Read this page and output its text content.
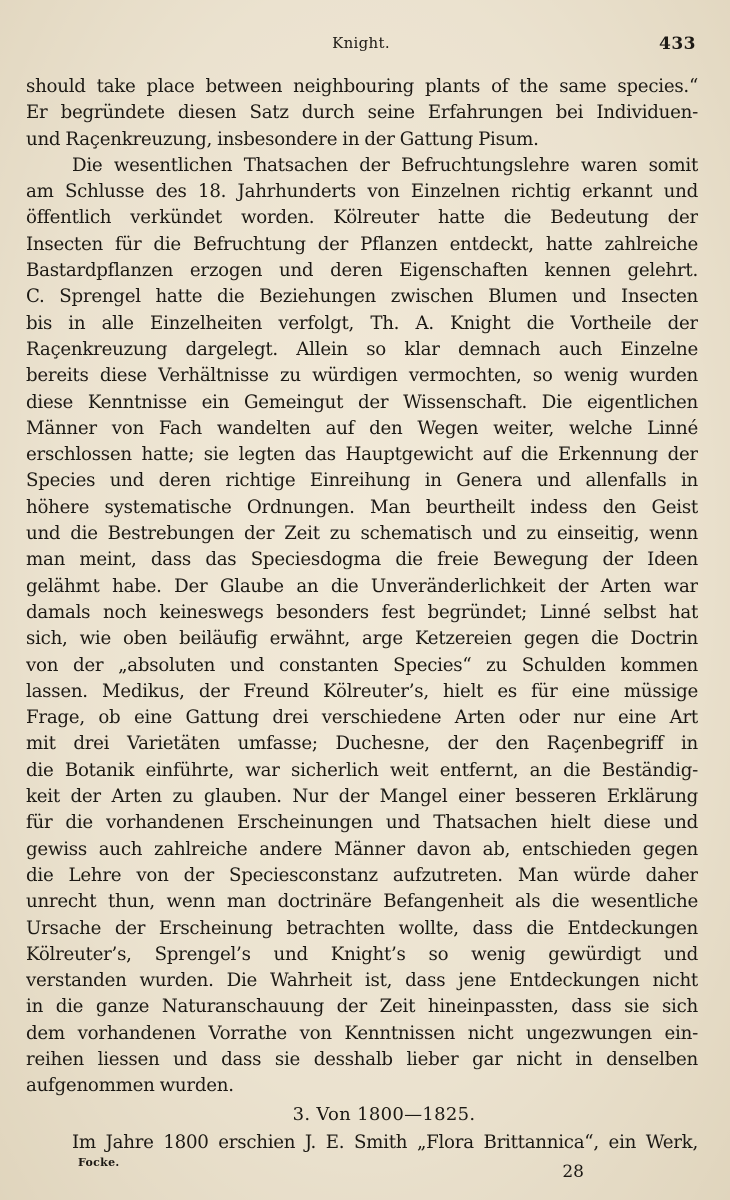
Knight.	433
should take place between neighbouring plants of the same species.“
Er begründete diesen Satz durch seine Erfahrungen bei Individuen-
und Raçenkreuzung, insbesondere in der Gattung Pisum.
Die wesentlichen Thatsachen der Befruchtungslehre waren somit
am Schlusse des 18. Jahrhunderts von Einzelnen richtig erkannt und
öffentlich verkündet worden. Kölreuter hatte die Bedeutung der
Insecten für die Befruchtung der Pflanzen entdeckt, hatte zahlreiche
Bastardpflanzen erzogen und deren Eigenschaften kennen gelehrt.
C. Sprengel hatte die Beziehungen zwischen Blumen und Insecten
bis in alle Einzelheiten verfolgt, Th. A. Knight die Vortheile der
Raçenkreuzung dargelegt. Allein so klar demnach auch Einzelne
bereits diese Verhältnisse zu würdigen vermochten, so wenig wurden
diese Kenntnisse ein Gemeingut der Wissenschaft. Die eigentlichen
Männer von Fach wandelten auf den Wegen weiter, welche Linné
erschlossen hatte; sie legten das Hauptgewicht auf die Erkennung der
Species und deren richtige Einreihung in Genera und allenfalls in
höhere systematische Ordnungen. Man beurtheilt indess den Geist
und die Bestrebungen der Zeit zu schematisch und zu einseitig, wenn
man meint, dass das Speciesdogma die freie Bewegung der Ideen
gelähmt habe. Der Glaube an die Unveränderlichkeit der Arten war
damals noch keineswegs besonders fest begründet; Linné selbst hat
sich, wie oben beiläufig erwähnt, arge Ketzereien gegen die Doctrin
von der „absoluten und constanten Species“ zu Schulden kommen
lassen. Medikus, der Freund Kölreuter’s, hielt es für eine müssige
Frage, ob eine Gattung drei verschiedene Arten oder nur eine Art
mit drei Varietäten umfasse; Duchesne, der den Raçenbegriff in
die Botanik einführte, war sicherlich weit entfernt, an die Beständig-
keit der Arten zu glauben. Nur der Mangel einer besseren Erklärung
für die vorhandenen Erscheinungen und Thatsachen hielt diese und
gewiss auch zahlreiche andere Männer davon ab, entschieden gegen
die Lehre von der Speciesconstanz aufzutreten. Man würde daher
unrecht thun, wenn man doctrinäre Befangenheit als die wesentliche
Ursache der Erscheinung betrachten wollte, dass die Entdeckungen
Kölreuter’s, Sprengel’s und Knight’s so wenig gewürdigt und
verstanden wurden. Die Wahrheit ist, dass jene Entdeckungen nicht
in die ganze Naturanschauung der Zeit hineinpassten, dass sie sich
dem vorhandenen Vorrathe von Kenntnissen nicht ungezwungen ein-
reihen liessen und dass sie desshalb lieber gar nicht in denselben
aufgenommen wurden.
3. Von 1800—1825.
Im Jahre 1800 erschien J. E. Smith „Flora Brittannica“, ein Werk,
Focke.	28
